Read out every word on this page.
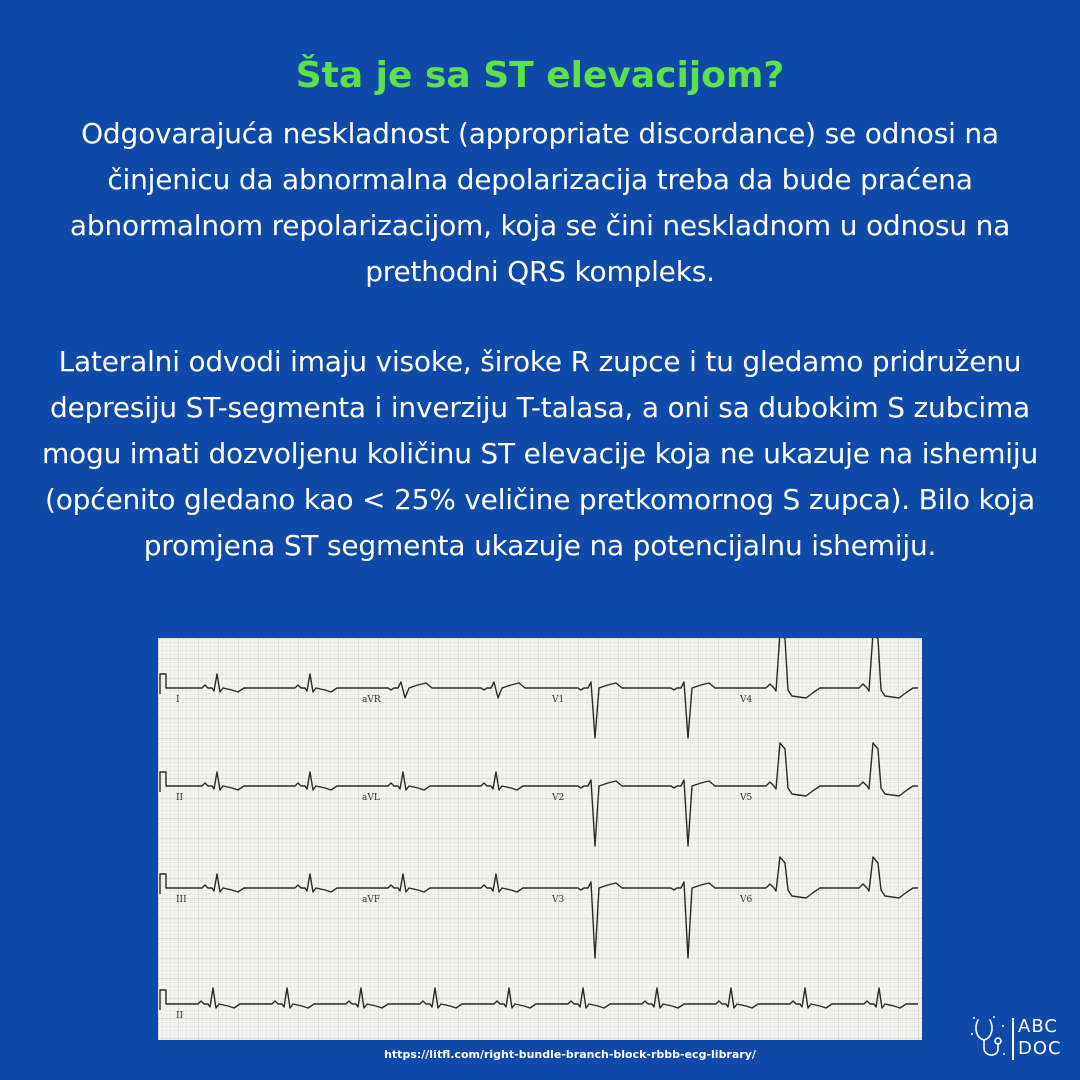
Šta je sa ST elevacijom?

Odgovarajuća neskladnost (appropriate discordance) se odnosi na činjenicu da abnormalna depolarizacija treba da bude praćena abnormalnom repolarizacijom, koja se čini neskladnom u odnosu na prethodni QRS kompleks.

Lateralni odvodi imaju visoke, široke R zupce i tu gledamo pridruženu depresiju ST-segmenta i inverziju T-talasa, a oni sa dubokim S zubcima mogu imati dozvoljenu količinu ST elevacije koja ne ukazuje na ishemiju (općenito gledano kao < 25% veličine pretkomornog S zupca). Bilo koja promjena ST segmenta ukazuje na potencijalnu ishemiju.

I	aVR	V1	V4
II	aVL	V2	V5
III	aVF	V3	V6
II
https://litfl.com/right-bundle-branch-block-rbbb-ecg-library/
ABC
DOC
